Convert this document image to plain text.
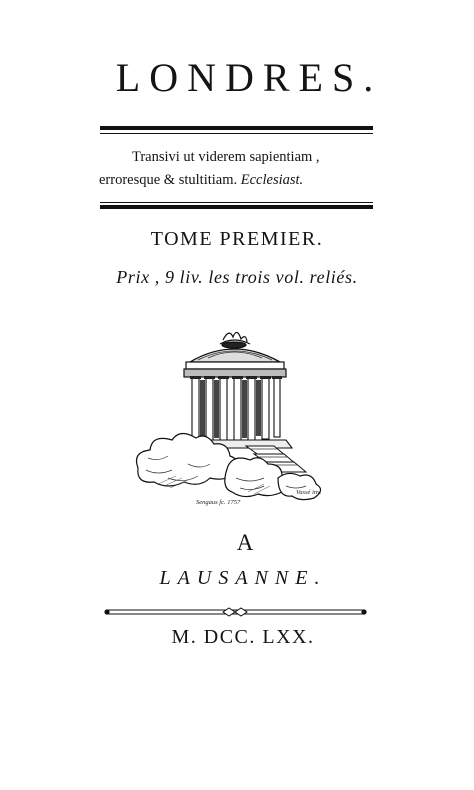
LONDRES.
Transivi ut viderem sapientiam ,
erroresque & stultitiam. Ecclesiast.
TOME PREMIER.
Prix , 9 liv. les trois vol. reliés.
Sengaus fc. 1757
Vassé inv.
A
LAUSANNE.
M. DCC. LXX.
